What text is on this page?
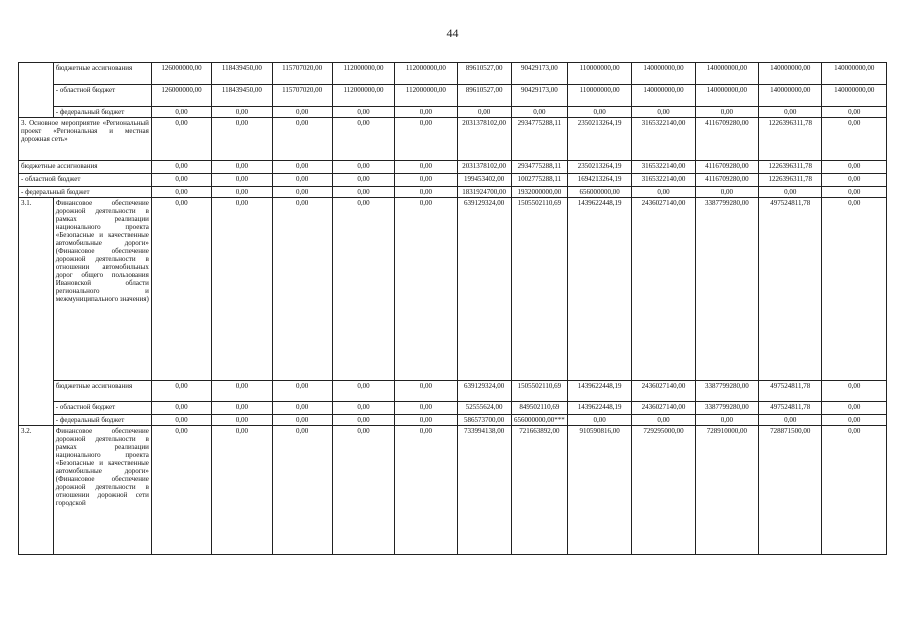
44
	бюджетные ассигнования	126000000,00	118439450,00	115707020,00	112000000,00	112000000,00	89610527,00	90429173,00	110000000,00	140000000,00	140000000,00	140000000,00	140000000,00
	- областной бюджет	126000000,00	118439450,00	115707020,00	112000000,00	112000000,00	89610527,00	90429173,00	110000000,00	140000000,00	140000000,00	140000000,00	140000000,00
	- федеральный бюджет	0,00	0,00	0,00	0,00	0,00	0,00	0,00	0,00	0,00	0,00	0,00	0,00
3. Основное мероприятие «Региональный проект «Региональная и местная дорожная сеть»		0,00	0,00	0,00	0,00	0,00	2031378102,00	2934775288,11	2350213264,19	3165322140,00	4116709280,00	1226396311,78	0,00
бюджетные ассигнования		0,00	0,00	0,00	0,00	0,00	2031378102,00	2934775288,11	2350213264,19	3165322140,00	4116709280,00	1226396311,78	0,00
- областной бюджет		0,00	0,00	0,00	0,00	0,00	199453402,00	1002775288,11	1694213264,19	3165322140,00	4116709280,00	1226396311,78	0,00
- федеральный бюджет		0,00	0,00	0,00	0,00	0,00	1831924700,00	1932000000,00	656000000,00	0,00	0,00	0,00	0,00
3.1.	Финансовое обеспечение дорожной деятельности в рамках реализации национального проекта «Безопасные и качественные автомобильные дороги» (Финансовое обеспечение дорожной деятельности в отношении автомобильных дорог общего пользования Ивановской области регионального и межмуниципального значения)	0,00	0,00	0,00	0,00	0,00	639129324,00	1505502110,69	1439622448,19	2436027140,00	3387799280,00	497524811,78	0,00
	бюджетные ассигнования	0,00	0,00	0,00	0,00	0,00	639129324,00	1505502110,69	1439622448,19	2436027140,00	3387799280,00	497524811,78	0,00
	- областной бюджет	0,00	0,00	0,00	0,00	0,00	52555624,00	849502110,69	1439622448,19	2436027140,00	3387799280,00	497524811,78	0,00
	- федеральный бюджет	0,00	0,00	0,00	0,00	0,00	586573700,00	656000000,00***	0,00	0,00	0,00	0,00	0,00
3.2.	Финансовое обеспечение дорожной деятельности в рамках реализации национального проекта «Безопасные и качественные автомобильные дороги» (Финансовое обеспечение дорожной деятельности в отношении дорожной сети городской	0,00	0,00	0,00	0,00	0,00	733994138,00	721663892,00	910590816,00	729295000,00	728910000,00	728871500,00	0,00
